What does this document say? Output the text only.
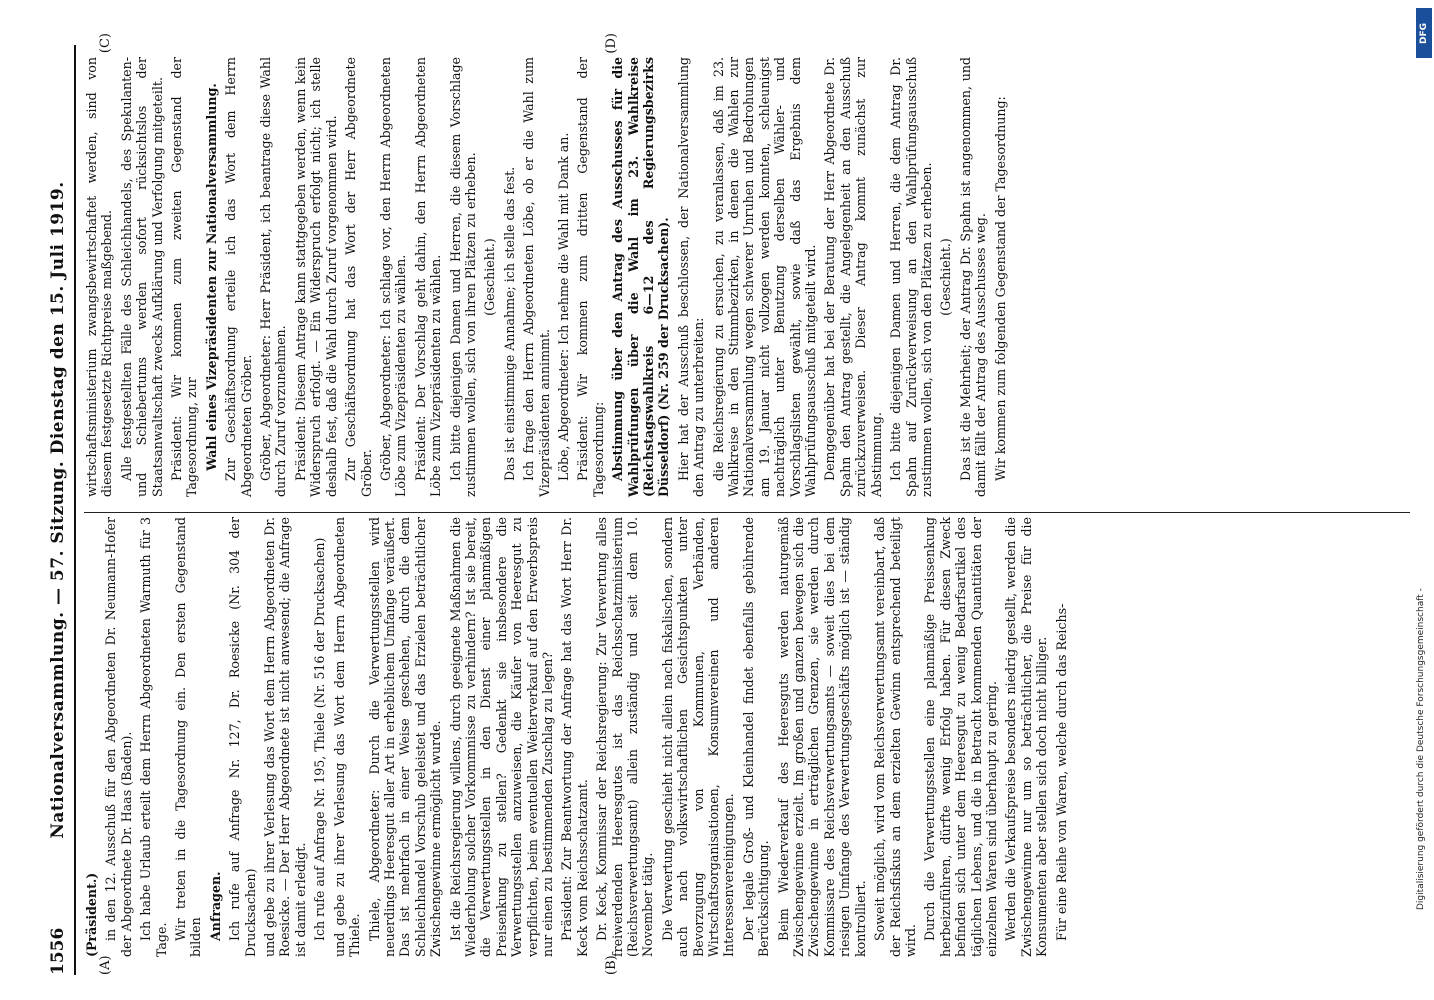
1556
Nationalversammlung. — 57. Sitzung. Dienstag den 15. Juli 1919.
(A)	(B)

(Präsident.) in den 12. Ausschuß für den Abgeordneten Dr. Neumann-Hofer der Abgeordnete Dr. Haas (Baden). Ich habe Urlaub erteilt dem Herrn Abgeordneten Warmuth für 3 Tage. Wir treten in die Tagesordnung ein. Den ersten Gegenstand bilden Anfragen. Ich rufe auf Anfrage Nr. 127, Dr. Roesicke (Nr. 304 der Drucksachen) und gebe zu ihrer Verlesung das Wort dem Herrn Abgeordneten Dr. Roesicke. — Der Herr Abgeordnete ist nicht anwesend; die Anfrage ist damit erledigt. Ich rufe auf Anfrage Nr. 195, Thiele (Nr. 516 der Drucksachen) und gebe zu ihrer Verlesung das Wort dem Herrn Abgeordneten Thiele. Thiele, Abgeordneter: Durch die Verwertungsstellen wird neuerdings Heeresgut aller Art in erheblichem Umfange veräußert. Das ist mehrfach in einer Weise geschehen, durch die dem Schleichhandel Vorschub geleistet und das Erzielen beträchtlicher Zwischengewinne ermöglicht wurde. Ist die Reichsregierung willens, durch geeignete Maßnahmen die Wiederholung solcher Vorkommnisse zu verhindern? Ist sie bereit, die Verwertungsstellen in den Dienst einer planmäßigen Preisenkung zu stellen? Gedenkt sie insbesondere die Verwertungsstellen anzuweisen, die Käufer von Heeresgut zu verpflichten, beim eventuellen Weiterverkauf auf den Erwerbspreis nur einen zu bestimmenden Zuschlag zu legen? Präsident: Zur Beantwortung der Anfrage hat das Wort Herr Dr. Keck vom Reichsschatzamt. Dr. Keck, Kommissar der Reichsregierung: Zur Verwertung alles freiwerdenden Heeresgutes ist das Reichsschatzministerium (Reichsverwertungsamt) allein zuständig und seit dem 10. November tätig. Die Verwertung geschieht nicht allein nach fiskalischen, sondern auch nach volkswirtschaftlichen Gesichtspunkten unter Bevorzugung von Kommunen, Verbänden, Wirtschaftsorganisationen, Konsumvereinen und anderen Interessenvereinigungen. Der legale Groß- und Kleinhandel findet ebenfalls gebührende Berücksichtigung. Beim Wiederverkauf des Heeresguts werden naturgemäß Zwischengewinne erzielt. Im großen und ganzen bewegen sich die Zwischengewinne in erträglichen Grenzen, sie werden durch Kommissare des Reichsverwertungsamts — soweit dies bei dem riesigen Umfange des Verwertungsgeschäfts möglich ist — ständig kontrolliert. Soweit möglich, wird vom Reichsverwertungsamt vereinbart, daß der Reichsfiskus an dem erzielten Gewinn entsprechend beteiligt wird. Durch die Verwertungsstellen eine planmäßige Preissenkung herbeizuführen, dürfte wenig Erfolg haben. Für diesen Zweck befinden sich unter dem Heeresgut zu wenig Bedarfsartikel des täglichen Lebens, und die in Betracht kommenden Quantitäten der einzelnen Waren sind überhaupt zu gering. Werden die Verkaufspreise besonders niedrig gestellt, werden die Zwischengewinne nur um so beträchtlicher, die Preise für die Konsumenten aber stellen sich doch nicht billiger. Für eine Reihe von Waren, welche durch das Reichs-

(C)	(D)

wirtschaftsministerium zwangsbewirtschaftet werden, sind von diesem festgesetzte Richtpreise maßgebend. Alle festgestellten Fälle des Schleichhandels, des Spekulanten- und Schiebertums werden sofort rücksichtslos der Staatsanwaltschaft zwecks Aufklärung und Verfolgung mitgeteilt. Präsident: Wir kommen zum zweiten Gegenstand der Tagesordnung, zur Wahl eines Vizepräsidenten zur Nationalversammlung. Zur Geschäftsordnung erteile ich das Wort dem Herrn Abgeordneten Gröber. Gröber, Abgeordneter: Herr Präsident, ich beantrage diese Wahl durch Zuruf vorzunehmen. Präsident: Diesem Antrage kann stattgegeben werden, wenn kein Widerspruch erfolgt. — Ein Widerspruch erfolgt nicht; ich stelle deshalb fest, daß die Wahl durch Zuruf vorgenommen wird. Zur Geschäftsordnung hat das Wort der Herr Abgeordnete Gröber. Gröber, Abgeordneter: Ich schlage vor, den Herrn Abgeordneten Löbe zum Vizepräsidenten zu wählen. Präsident: Der Vorschlag geht dahin, den Herrn Abgeordneten Löbe zum Vizepräsidenten zu wählen. Ich bitte diejenigen Damen und Herren, die diesem Vorschlage zustimmen wollen, sich von ihren Plätzen zu erheben. (Geschieht.) Das ist einstimmige Annahme; ich stelle das fest. Ich frage den Herrn Abgeordneten Löbe, ob er die Wahl zum Vizepräsidenten annimmt. Löbe, Abgeordneter: Ich nehme die Wahl mit Dank an. Präsident: Wir kommen zum dritten Gegenstand der Tagesordnung: Abstimmung über den Antrag des Ausschusses für die Wahlprüfungen über die Wahl im 23. Wahlkreise (Reichstagswahlkreis 6—12 des Regierungsbezirks Düsseldorf) (Nr. 259 der Drucksachen). Hier hat der Ausschuß beschlossen, der Nationalversammlung den Antrag zu unterbreiten: die Reichsregierung zu ersuchen, zu veranlassen, daß im 23. Wahlkreise in den Stimmbezirken, in denen die Wahlen zur Nationalversammlung wegen schwerer Unruhen und Bedrohungen am 19. Januar nicht vollzogen werden konnten, schleunigst nachträglich unter Benutzung derselben Wähler- und Vorschlagslisten gewählt, sowie daß das Ergebnis dem Wahlprüfungsausschuß mitgeteilt wird. Demgegenüber hat bei der Beratung der Herr Abgeordnete Dr. Spahn den Antrag gestellt, die Angelegenheit an den Ausschuß zurückzuverweisen. Dieser Antrag kommt zunächst zur Abstimmung. Ich bitte diejenigen Damen und Herren, die dem Antrag Dr. Spahn auf Zurückverweisung an den Wahlprüfungsausschuß zustimmen wollen, sich von den Plätzen zu erheben. (Geschieht.) Das ist die Mehrheit; der Antrag Dr. Spahn ist angenommen, und damit fällt der Antrag des Ausschusses weg. Wir kommen zum folgenden Gegenstand der Tagesordnung:

DFG
Digitalisierung gefördert durch die Deutsche Forschungsgemeinschaft -
